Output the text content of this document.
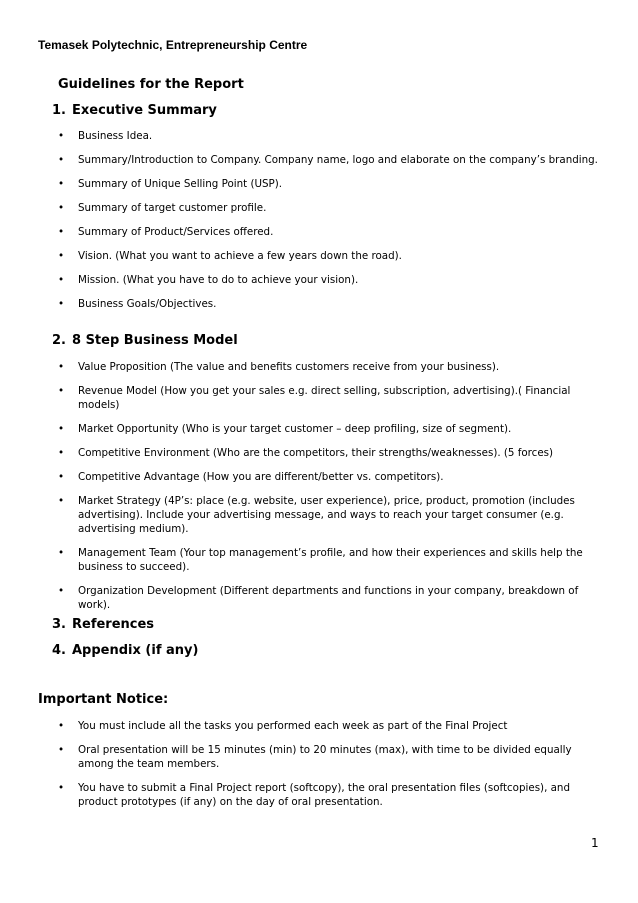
Temasek Polytechnic, Entrepreneurship Centre
Guidelines for the Report
1. Executive Summary
• Business Idea.
• Summary/Introduction to Company. Company name, logo and elaborate on the company’s branding.
• Summary of Unique Selling Point (USP).
• Summary of target customer profile.
• Summary of Product/Services offered.
• Vision. (What you want to achieve a few years down the road).
• Mission. (What you have to do to achieve your vision).
• Business Goals/Objectives.
2. 8 Step Business Model
• Value Proposition (The value and benefits customers receive from your business).
• Revenue Model (How you get your sales e.g. direct selling, subscription, advertising).( Financial models)
• Market Opportunity (Who is your target customer – deep profiling, size of segment).
• Competitive Environment (Who are the competitors, their strengths/weaknesses). (5 forces)
• Competitive Advantage (How you are different/better vs. competitors).
• Market Strategy (4P’s: place (e.g. website, user experience), price, product, promotion (includes advertising). Include your advertising message, and ways to reach your target consumer (e.g. advertising medium).
• Management Team (Your top management’s profile, and how their experiences and skills help the business to succeed).
• Organization Development (Different departments and functions in your company, breakdown of work).
3. References
4. Appendix (if any)
Important Notice:
• You must include all the tasks you performed each week as part of the Final Project
• Oral presentation will be 15 minutes (min) to 20 minutes (max), with time to be divided equally among the team members.
• You have to submit a Final Project report (softcopy), the oral presentation files (softcopies), and product prototypes (if any) on the day of oral presentation.
1
